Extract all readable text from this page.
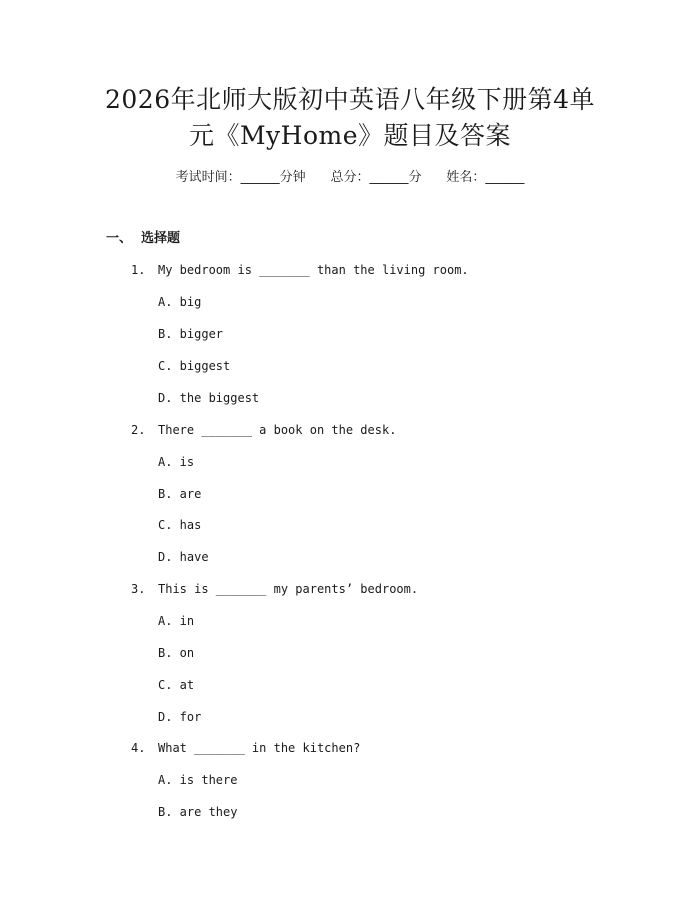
2026年北师大版初中英语八年级下册第4单
元《MyHome》题目及答案
考试时间：______分钟 总分：______分 姓名：______
一、  选择题
1. My bedroom is _______ than the living room.
A. big
B. bigger
C. biggest
D. the biggest
2. There _______ a book on the desk.
A. is
B. are
C. has
D. have
3. This is _______ my parents’ bedroom.
A. in
B. on
C. at
D. for
4. What _______ in the kitchen?
A. is there
B. are they
